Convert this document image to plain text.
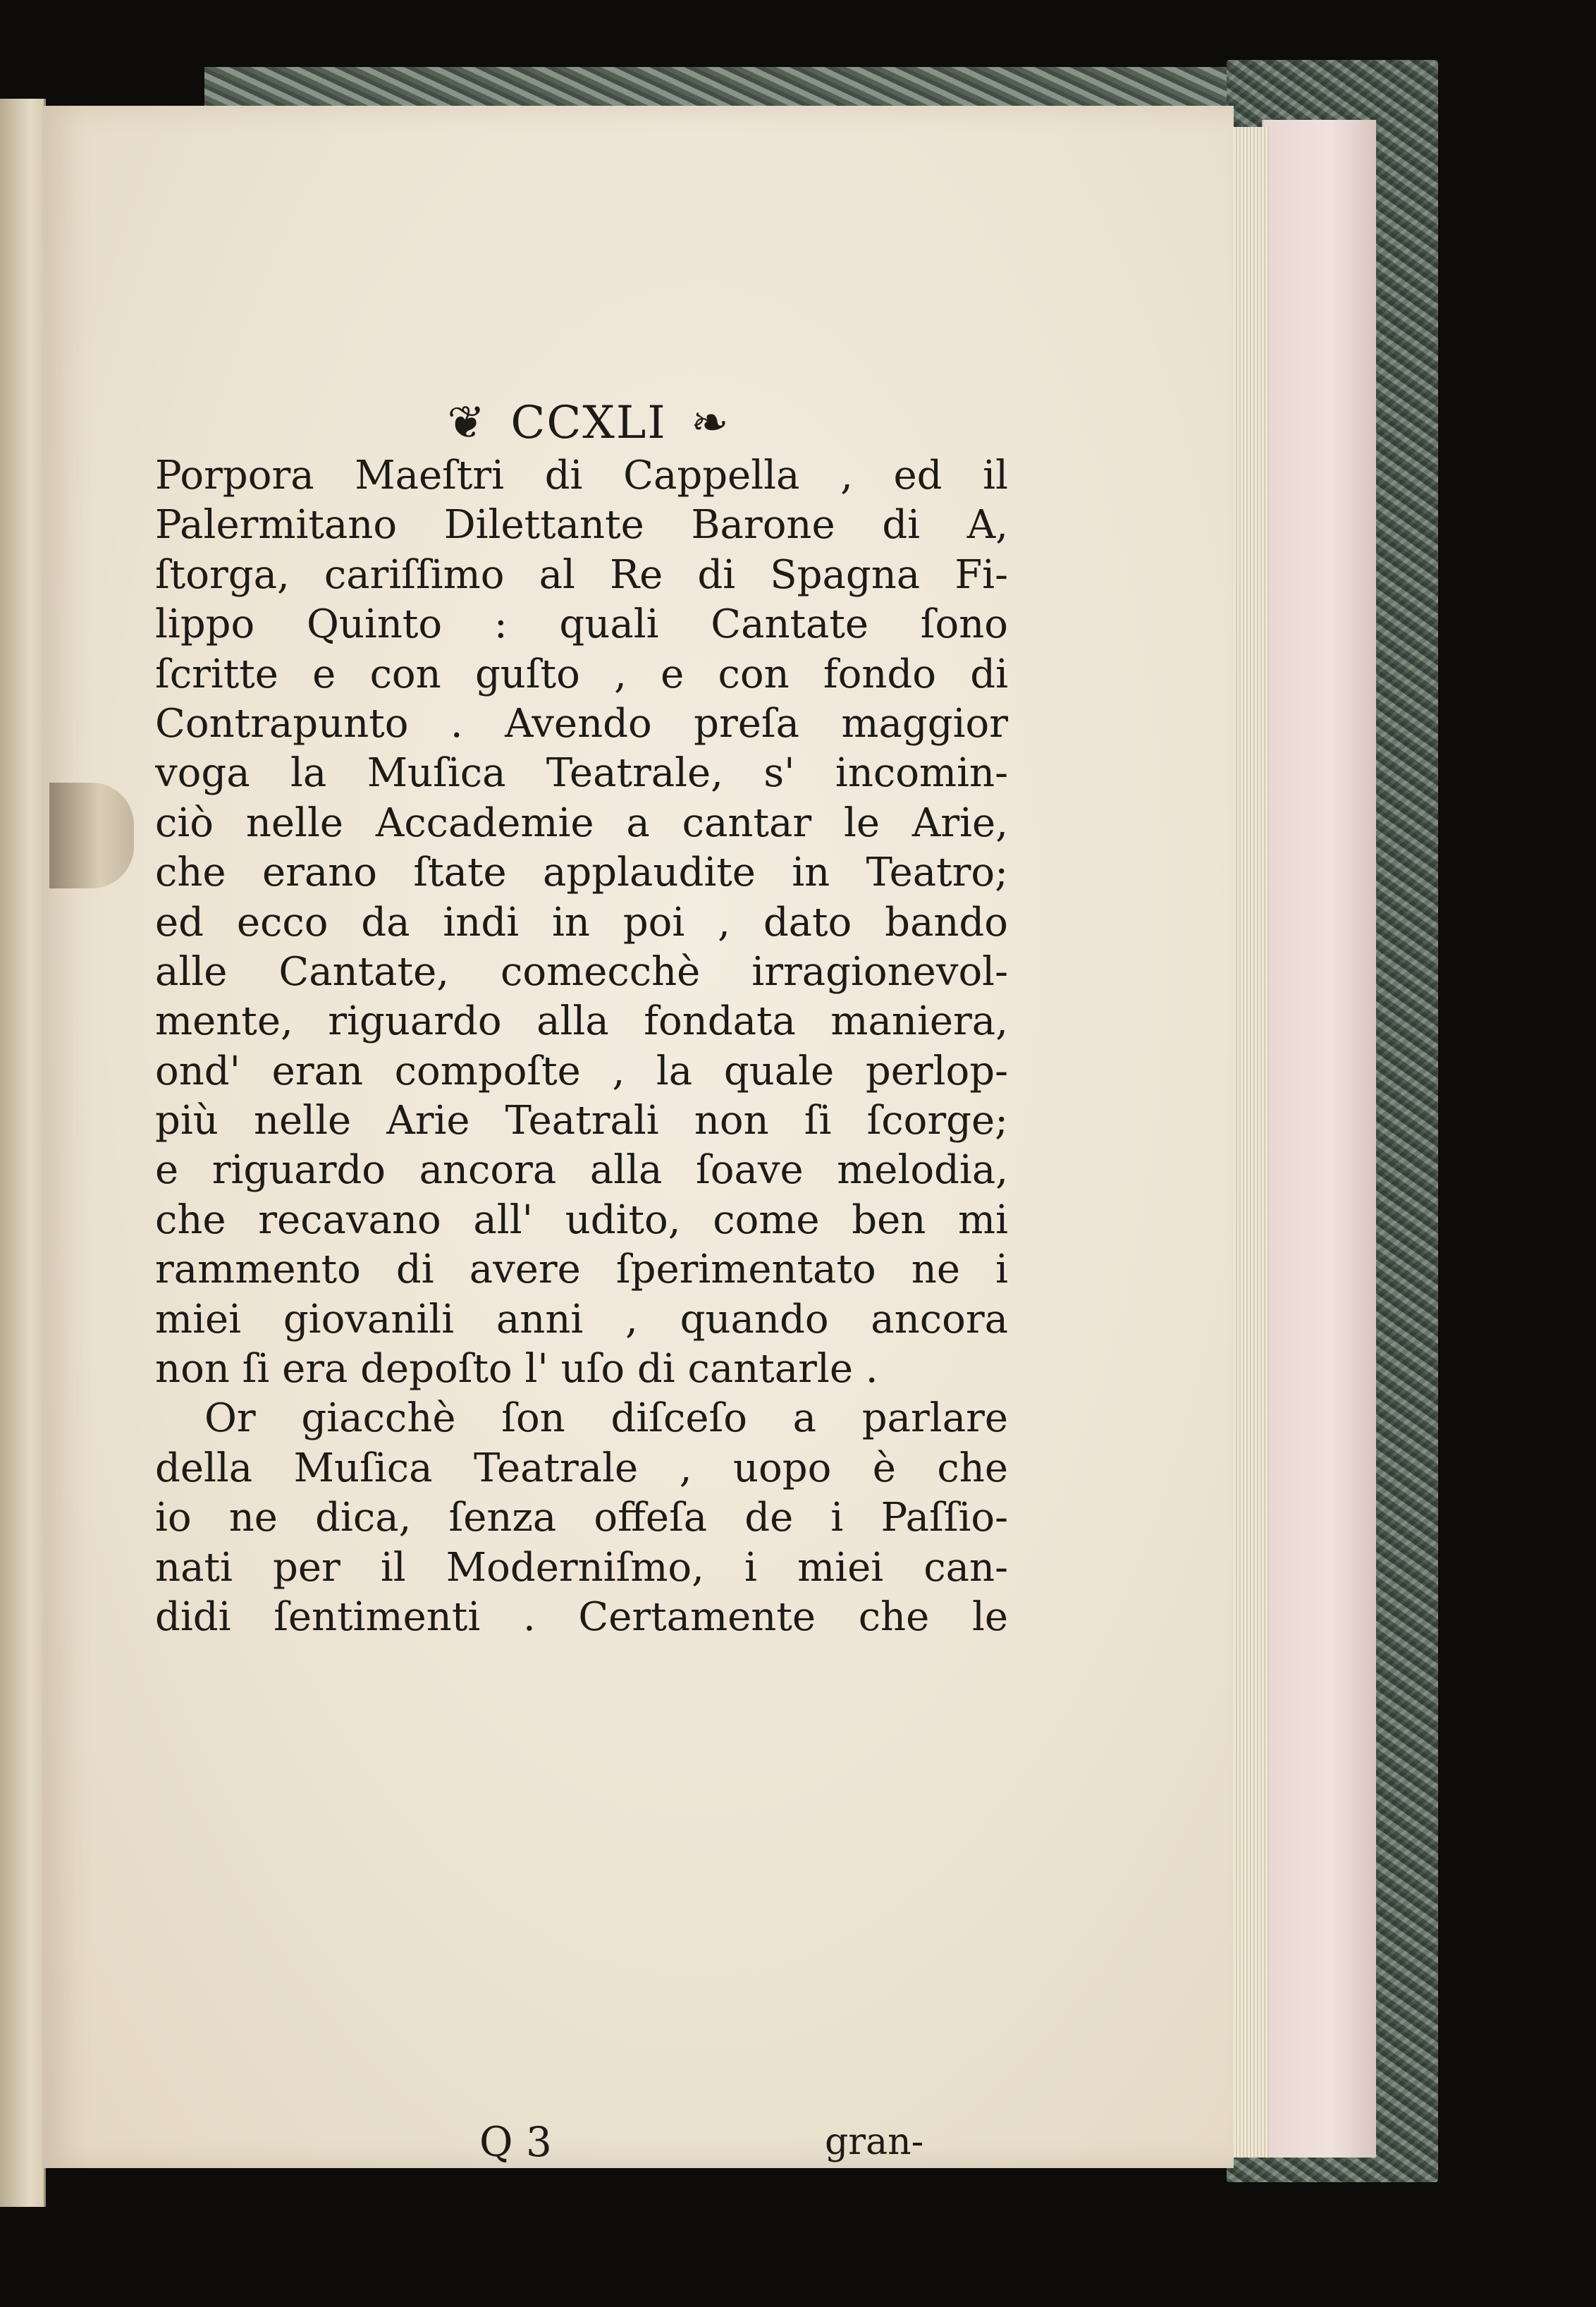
❦ CCXLI ❧
Porpora Maeſtri di Cappella , ed il
Palermitano Dilettante Barone di A,
ſtorga, cariſſimo al Re di Spagna Fi-
lippo Quinto : quali Cantate ſono
ſcritte e con guſto , e con fondo di
Contrapunto . Avendo preſa maggior
voga la Muſica Teatrale, s' incomin-
ciò nelle Accademie a cantar le Arie,
che erano ſtate applaudite in Teatro;
ed ecco da indi in poi , dato bando
alle Cantate, comecchè irragionevol-
mente, riguardo alla fondata maniera,
ond' eran compoſte , la quale perlop-
più nelle Arie Teatrali non ſi ſcorge;
e riguardo ancora alla ſoave melodia,
che recavano all' udito, come ben mi
rammento di avere ſperimentato ne i
miei giovanili anni , quando ancora
non ſi era depoſto l' uſo di cantarle .
Or giacchè ſon diſceſo a parlare
della Muſica Teatrale , uopo è che
io ne dica, ſenza offeſa de i Paſſio-
nati per il Moderniſmo, i miei can-
didi ſentimenti . Certamente che le
Q 3	gran-
